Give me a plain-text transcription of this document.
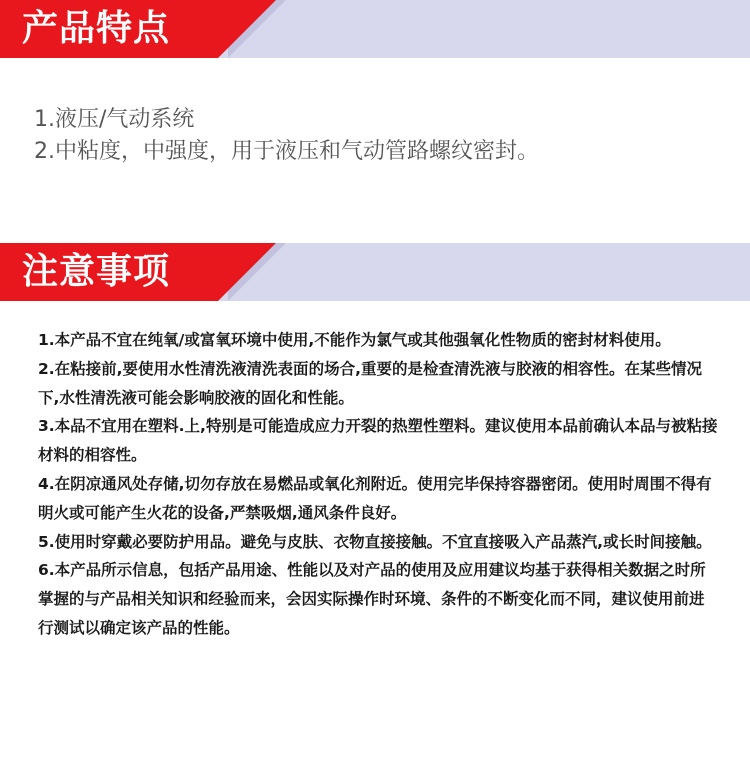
产品特点
1.液压/气动系统
2.中粘度，中强度，用于液压和气动管路螺纹密封。
注意事项
1.本产品不宜在纯氧/或富氧环境中使用,不能作为氯气或其他强氧化性物质的密封材料使用。
2.在粘接前,要使用水性清洗液清洗表面的场合,重要的是检查清洗液与胶液的相容性。在某些情况下,水性清洗液可能会影响胶液的固化和性能。
3.本品不宜用在塑料.上,特别是可能造成应力开裂的热塑性塑料。建议使用本品前确认本品与被粘接材料的相容性。
4.在阴凉通风处存储,切勿存放在易燃品或氧化剂附近。使用完毕保持容器密闭。使用时周围不得有明火或可能产生火花的设备,严禁吸烟,通风条件良好。
5.使用时穿戴必要防护用品。避免与皮肤、衣物直接接触。不宜直接吸入产品蒸汽,或长时间接触。
6.本产品所示信息，包括产品用途、性能以及对产品的使用及应用建议均基于获得相关数据之时所掌握的与产品相关知识和经验而来，会因实际操作时环境、条件的不断变化而不同，建议使用前进行测试以确定该产品的性能。
